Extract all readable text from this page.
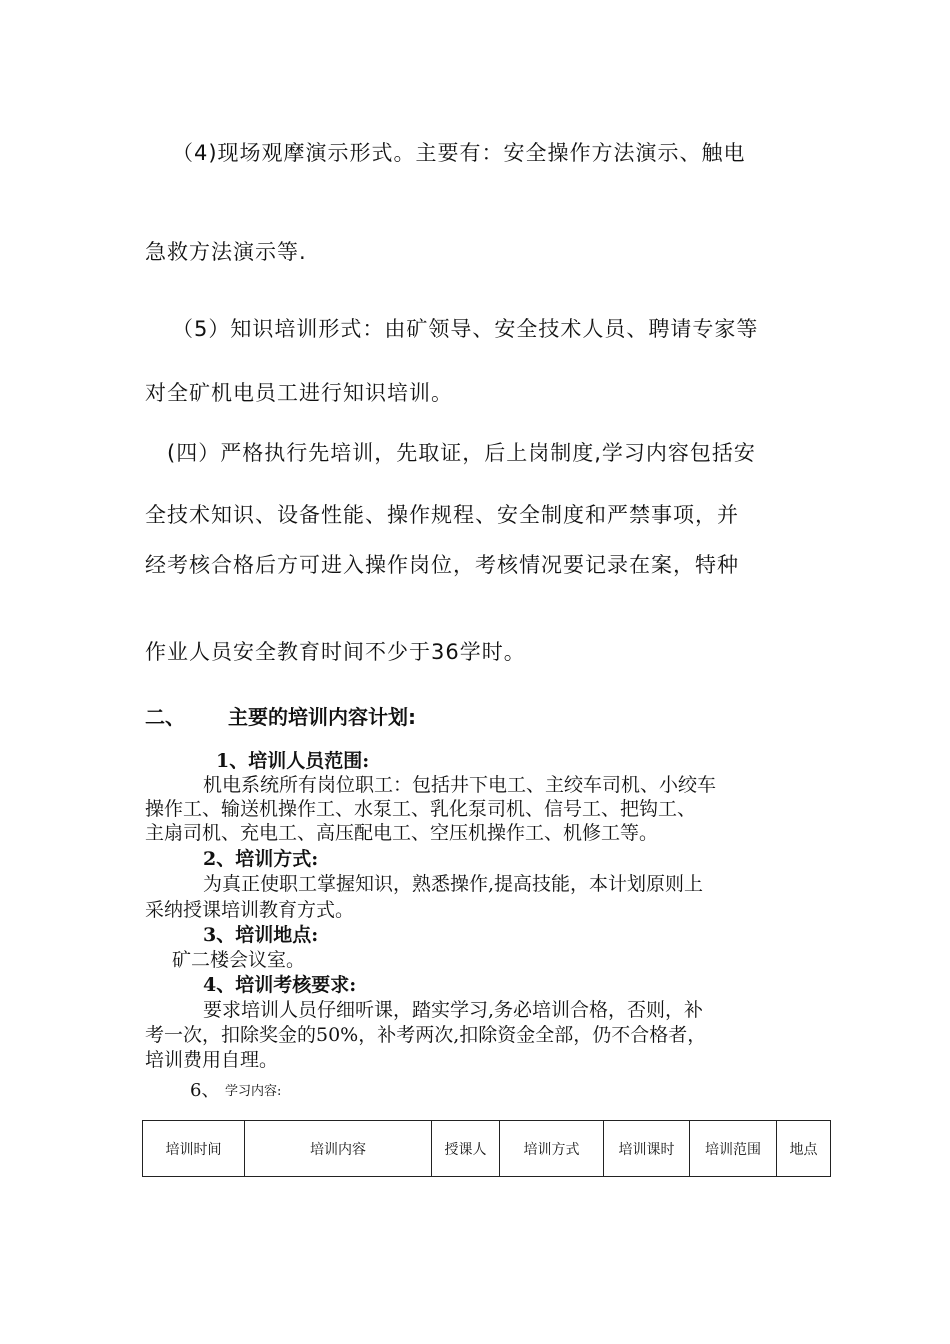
（4)现场观摩演示形式。主要有：安全操作方法演示、触电
急救方法演示等.
（5）知识培训形式：由矿领导、安全技术人员、聘请专家等
对全矿机电员工进行知识培训。
(四）严格执行先培训，先取证，后上岗制度,学习内容包括安
全技术知识、设备性能、操作规程、安全制度和严禁事项，并
经考核合格后方可进入操作岗位，考核情况要记录在案，特种
作业人员安全教育时间不少于36学时。
二、 主要的培训内容计划:
1、培训人员范围:
机电系统所有岗位职工：包括井下电工、主绞车司机、小绞车
操作工、输送机操作工、水泵工、乳化泵司机、信号工、把钩工、
主扇司机、充电工、高压配电工、空压机操作工、机修工等。
2、培训方式:
为真正使职工掌握知识，熟悉操作,提高技能，本计划原则上
采纳授课培训教育方式。
3、培训地点:
矿二楼会议室。
4、培训考核要求:
要求培训人员仔细听课，踏实学习,务必培训合格，否则，补
考一次，扣除奖金的50%，补考两次,扣除资金全部，仍不合格者，
培训费用自理。
6、 学习内容:
培训时间	培训内容	授课人	培训方式	培训课时	培训范围	地点
